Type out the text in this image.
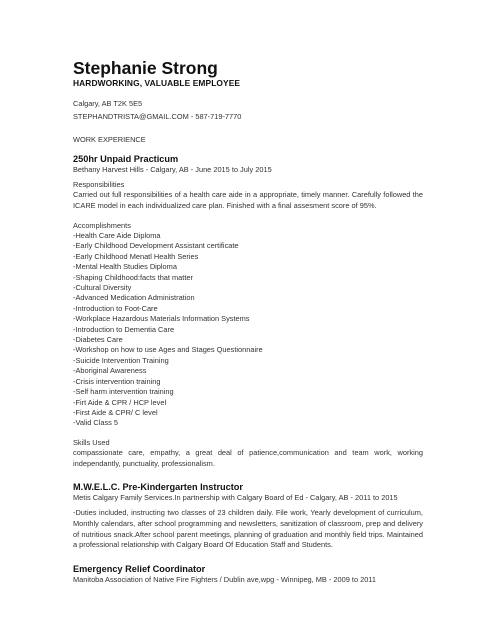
Stephanie Strong
HARDWORKING, VALUABLE EMPLOYEE
Calgary, AB T2K 5E5
STEPHANDTRISTA@GMAIL.COM - 587-719-7770
WORK EXPERIENCE
250hr Unpaid Practicum
Bethany Harvest Hills - Calgary, AB - June 2015 to July 2015
Responsibilities
Carried out full responsibilities of a health care aide in a appropriate, timely manner. Carefully followed the ICARE model in each individualized care plan. Finished with a final assesment score of 95%.
Accomplishments
-Health Care Aide Diploma
-Early Childhood Development Assistant certificate
-Early Childhood Menatl Health Series
-Mental Health Studies Diploma
-Shaping Childhood:facts that matter
-Cultural Diversity
-Advanced Medication Administration
-Introduction to Foot-Care
-Workplace Hazardous Materials Information Systems
-Introduction to Dementia Care
-Diabetes Care
-Workshop on how to use Ages and Stages Questionnaire
-Suicide Intervention Training
-Aboriginal Awareness
-Crisis intervention training
-Self harm intervention training
-Firt Aide & CPR / HCP level
-First Aide & CPR/ C level
-Valid Class 5
Skills Used
compassionate care, empathy, a great deal of patience,communication and team work, working independantly, punctuality, professionalism.
M.W.E.L.C. Pre-Kindergarten Instructor
Metis Calgary Family Services.In partnership with Calgary Board of Ed - Calgary, AB - 2011 to 2015
-Duties included, instructing two classes of 23 children daily. File work, Yearly development of curriculum, Monthly calendars, after school programming and newsletters, sanitization of classroom, prep and delivery of nutritious snack.After school parent meetings, planning of graduation and monthly field trips. Maintained a professional relationship with Calgary Board Of Education Staff and Students.
Emergency Relief Coordinator
Manitoba Association of Native Fire Fighters / Dublin ave,wpg - Winnipeg, MB - 2009 to 2011
